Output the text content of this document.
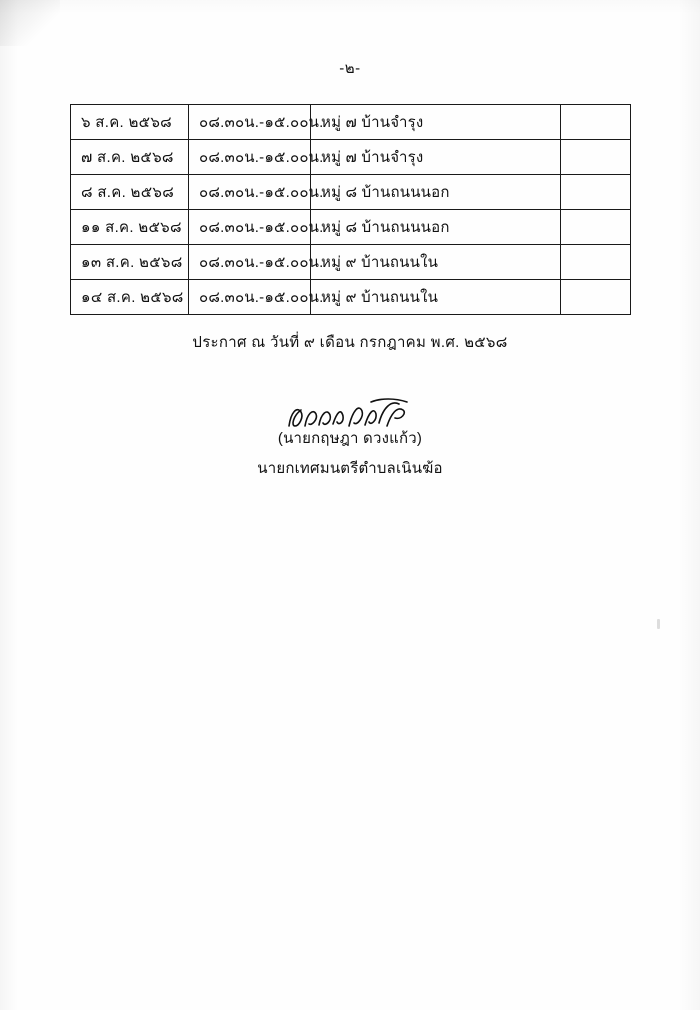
-๒-
๖ ส.ค. ๒๕๖๘	๐๘.๓๐น.-๑๕.๐๐น.	หมู่ ๗ บ้านจำรุง	
๗ ส.ค. ๒๕๖๘	๐๘.๓๐น.-๑๕.๐๐น.	หมู่ ๗ บ้านจำรุง	
๘ ส.ค. ๒๕๖๘	๐๘.๓๐น.-๑๕.๐๐น.	หมู่ ๘ บ้านถนนนอก	
๑๑ ส.ค. ๒๕๖๘	๐๘.๓๐น.-๑๕.๐๐น.	หมู่ ๘ บ้านถนนนอก	
๑๓ ส.ค. ๒๕๖๘	๐๘.๓๐น.-๑๕.๐๐น.	หมู่ ๙ บ้านถนนใน	
๑๔ ส.ค. ๒๕๖๘	๐๘.๓๐น.-๑๕.๐๐น.	หมู่ ๙ บ้านถนนใน	
ประกาศ ณ วันที่ ๙ เดือน กรกฎาคม พ.ศ. ๒๕๖๘
(นายกฤษฎา ดวงแก้ว)
นายกเทศมนตรีตำบลเนินฆ้อ
